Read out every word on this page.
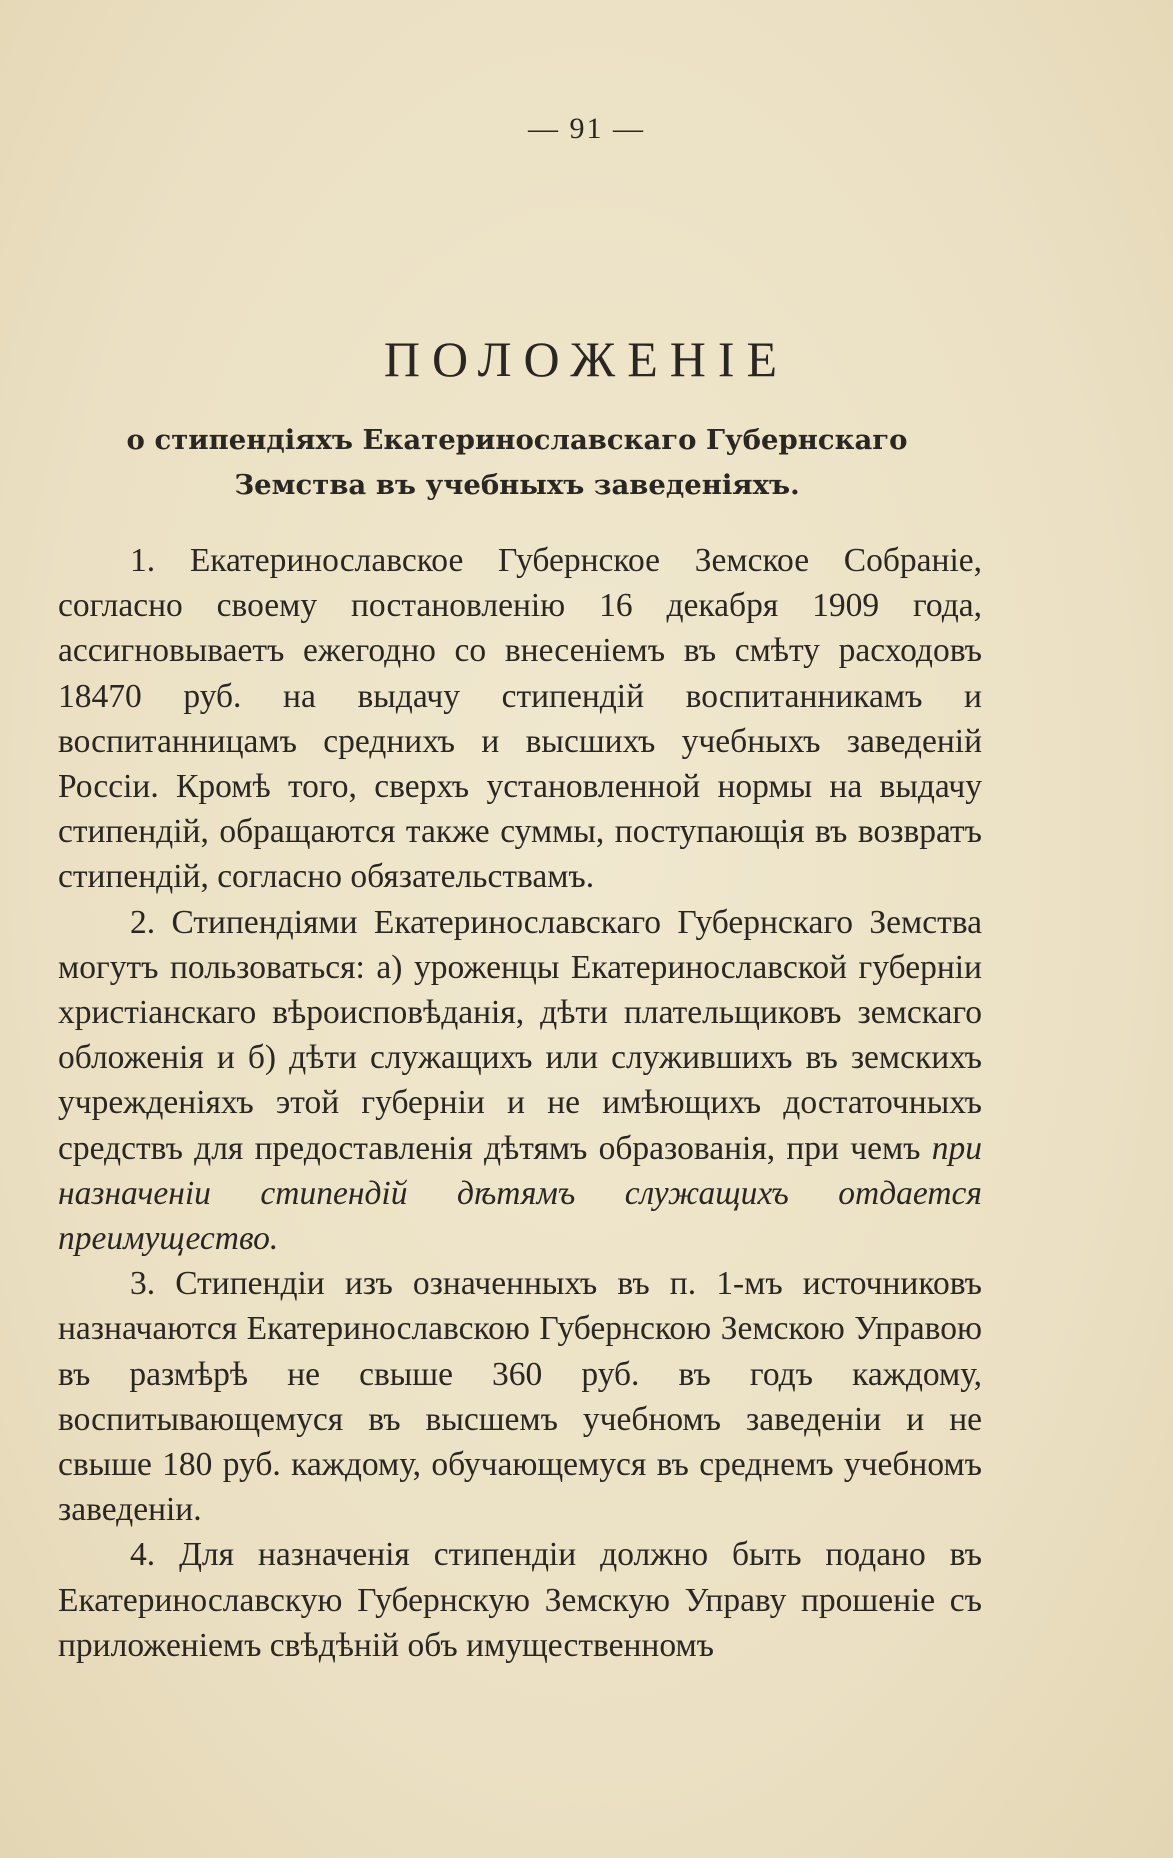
— 91 —
ПОЛОЖЕНІЕ
о стипендіяхъ Екатеринославскаго Губернскаго Земства въ учебныхъ заведеніяхъ.

1. Екатеринославское Губернское Земское Собраніе, согласно своему постановленію 16 декабря 1909 года, ассигновываетъ ежегодно со внесеніемъ въ смѣту расходовъ 18470 руб. на выдачу стипендій воспитанникамъ и воспитанницамъ среднихъ и высшихъ учебныхъ заведеній Россіи. Кромѣ того, сверхъ установленной нормы на выдачу стипендій, обращаются также суммы, поступающія въ возвратъ стипендій, согласно обязательствамъ.

2. Стипендіями Екатеринославскаго Губернскаго Земства могутъ пользоваться: а) уроженцы Екатеринославской губерніи христіанскаго вѣроисповѣданія, дѣти плательщиковъ земскаго обложенія и б) дѣти служащихъ или служившихъ въ земскихъ учрежденіяхъ этой губерніи и не имѣющихъ достаточныхъ средствъ для предоставленія дѣтямъ образованія, при чемъ при назначеніи стипендій дѣтямъ служащихъ отдается преимущество.

3. Стипендіи изъ означенныхъ въ п. 1-мъ источниковъ назначаются Екатеринославскою Губернскою Земскою Управою въ размѣрѣ не свыше 360 руб. въ годъ каждому, воспитывающемуся въ высшемъ учебномъ заведеніи и не свыше 180 руб. каждому, обучающемуся въ среднемъ учебномъ заведеніи.

4. Для назначенія стипендіи должно быть подано въ Екатеринославскую Губернскую Земскую Управу прошеніе съ приложеніемъ свѣдѣній объ имущественномъ
